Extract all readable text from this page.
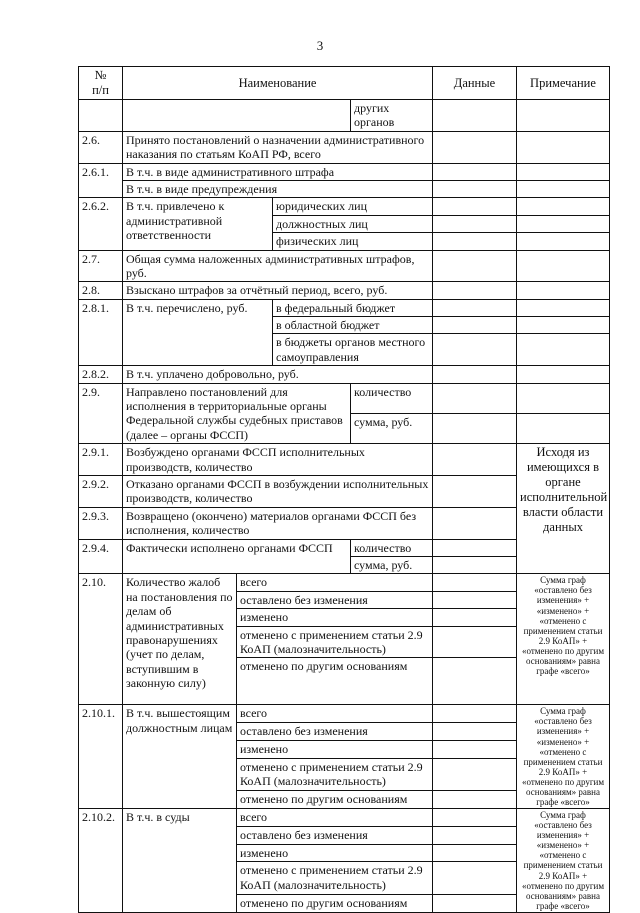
3
№
п/п	Наименование				Данные	Примечание
				других органов		
2.6.	Принято постановлений о назначении административного наказания по статьям КоАП РФ, всего					
2.6.1.	В т.ч. в виде административного штрафа					
	В т.ч. в виде предупреждения					
2.6.2.	В т.ч. привлечено к административной ответственности		юридических лиц			
			должностных лиц			
			физических лиц			
2.7.	Общая сумма наложенных административных штрафов, руб.					
2.8.	Взыскано штрафов за отчётный период, всего, руб.					
2.8.1.	В т.ч. перечислено, руб.		в федеральный бюджет			
			в областной бюджет			
			в бюджеты органов местного самоуправления			
2.8.2.	В т.ч. уплачено добровольно, руб.					
2.9.	Направлено постановлений для исполнения в территориальные органы Федеральной службы судебных приставов (далее – органы ФССП)			количество		
				сумма, руб.		
2.9.1.	Возбуждено органами ФССП исполнительных производств, количество					Исходя из имеющихся в органе исполнительной власти области данных
2.9.2.	Отказано органами ФССП в возбуждении исполнительных производств, количество					
2.9.3.	Возвращено (окончено) материалов органами ФССП без исполнения, количество					
2.9.4.	Фактически исполнено органами ФССП			количество		
				сумма, руб.		
2.10.	Количество жалоб на постановления по делам об административных правонарушениях (учет по делам, вступившим в законную силу)	всего				Сумма граф «оставлено без изменения» + «изменено» + «отменено с применением статьи 2.9 КоАП» + «отменено по другим основаниям» равна графе «всего»
		оставлено без изменения				
		изменено				
		отменено с применением статьи 2.9 КоАП (малозначительность)				
		отменено по другим основаниям				
2.10.1.	В т.ч. вышестоящим должностным лицам	всего				Сумма граф «оставлено без изменения» + «изменено» + «отменено с применением статьи 2.9 КоАП» + «отменено по другим основаниям» равна графе «всего»
		оставлено без изменения				
		изменено				
		отменено с применением статьи 2.9 КоАП (малозначительность)				
		отменено по другим основаниям				
2.10.2.	В т.ч. в суды	всего				Сумма граф «оставлено без изменения» + «изменено» + «отменено с применением статьи 2.9 КоАП» + «отменено по другим основаниям» равна графе «всего»
		оставлено без изменения				
		изменено				
		отменено с применением статьи 2.9 КоАП (малозначительность)				
		отменено по другим основаниям				
